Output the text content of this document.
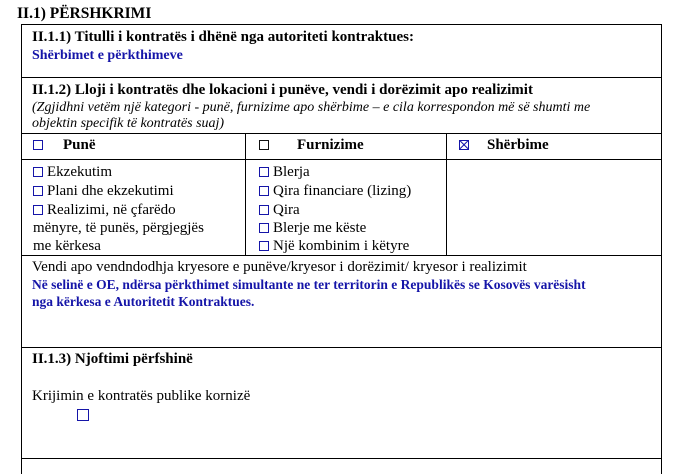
II.1) PËRSHKRIMI
II.1.1) Titulli i kontratës i dhënë nga autoriteti kontraktues:
Shërbimet e përkthimeve
II.1.2) Lloji i kontratës dhe lokacioni i punëve, vendi i dorëzimit apo realizimit
(Zgjidhni vetëm një kategori - punë, furnizime apo shërbime – e cila korrespondon më së shumti me
objektin specifik të kontratës suaj)
Punë	Furnizime	Shërbime
Ekzekutim
Plani dhe ekzekutimi
Realizimi, në çfarëdo
mënyre, të punës, përgjegjës
me kërkesa
Blerja
Qira financiare (lizing)
Qira
Blerje me këste
Një kombinim i këtyre
Vendi apo vendndodhja kryesore e punëve/kryesor i dorëzimit/ kryesor i realizimit
Në selinë e OE, ndërsa përkthimet simultante ne ter territorin e Republikës se Kosovës varësisht
nga kërkesa e Autoritetit Kontraktues.
II.1.3) Njoftimi përfshinë
Krijimin e kontratës publike kornizë
